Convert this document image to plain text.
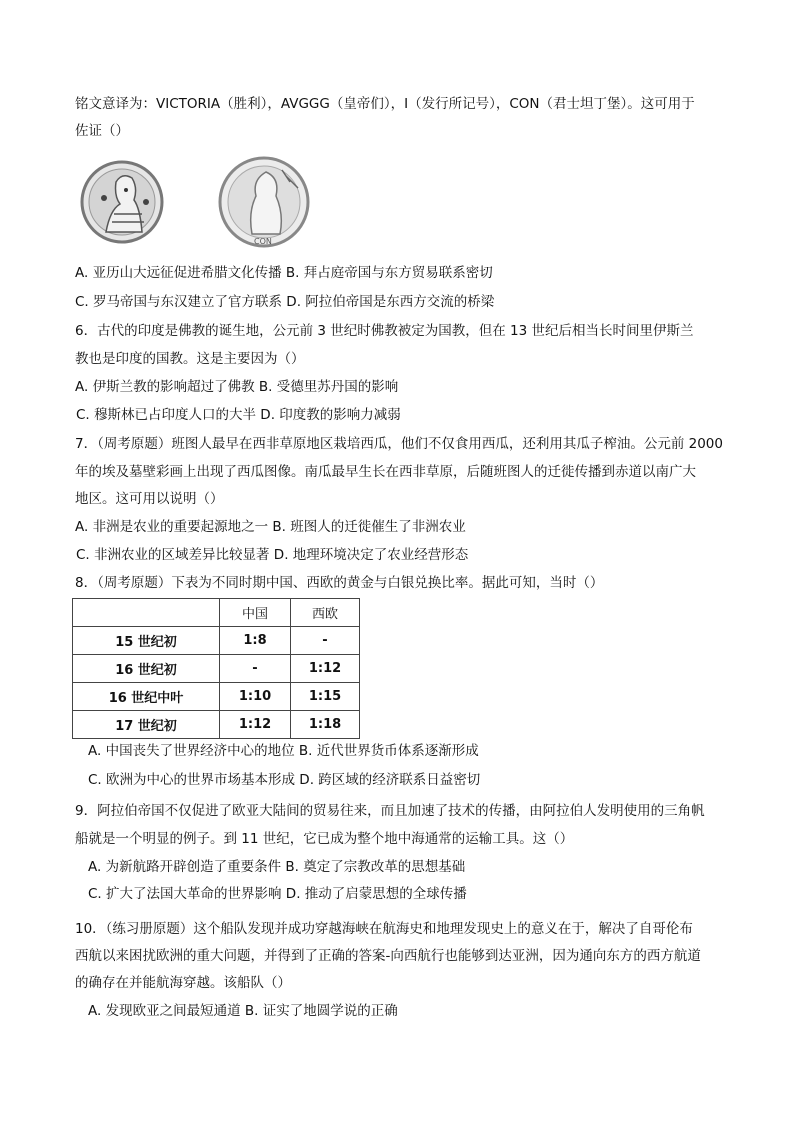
铭文意译为：VICTORIA（胜利），AVGGG（皇帝们），I（发行所记号），CON（君士坦丁堡）。这可用于
佐证（）
CON
A. 亚历山大远征促进希腊文化传播 B. 拜占庭帝国与东方贸易联系密切
C. 罗马帝国与东汉建立了官方联系 D. 阿拉伯帝国是东西方交流的桥梁
6．古代的印度是佛教的诞生地，公元前 3 世纪时佛教被定为国教，但在 13 世纪后相当长时间里伊斯兰
教也是印度的国教。这是主要因为（）
A. 伊斯兰教的影响超过了佛教 B. 受德里苏丹国的影响
C. 穆斯林已占印度人口的大半 D. 印度教的影响力减弱
7．（周考原题）班图人最早在西非草原地区栽培西瓜，他们不仅食用西瓜，还利用其瓜子榨油。公元前 2000
年的埃及墓壁彩画上出现了西瓜图像。南瓜最早生长在西非草原，后随班图人的迁徙传播到赤道以南广大
地区。这可用以说明（）
A. 非洲是农业的重要起源地之一 B. 班图人的迁徙催生了非洲农业
C. 非洲农业的区域差异比较显著 D. 地理环境决定了农业经营形态
8．（周考原题）下表为不同时期中国、西欧的黄金与白银兑换比率。据此可知，当时（）
	中国	西欧
15 世纪初	1:8	-
16 世纪初	-	1:12
16 世纪中叶	1:10	1:15
17 世纪初	1:12	1:18
A. 中国丧失了世界经济中心的地位 B. 近代世界货币体系逐渐形成
C. 欧洲为中心的世界市场基本形成 D. 跨区域的经济联系日益密切
9．阿拉伯帝国不仅促进了欧亚大陆间的贸易往来，而且加速了技术的传播，由阿拉伯人发明使用的三角帆
船就是一个明显的例子。到 11 世纪，它已成为整个地中海通常的运输工具。这（）
A. 为新航路开辟创造了重要条件 B. 奠定了宗教改革的思想基础
C. 扩大了法国大革命的世界影响 D. 推动了启蒙思想的全球传播
10．（练习册原题）这个船队发现并成功穿越海峡在航海史和地理发现史上的意义在于，解决了自哥伦布
西航以来困扰欧洲的重大问题，并得到了正确的答案-向西航行也能够到达亚洲，因为通向东方的西方航道
的确存在并能航海穿越。该船队（）
A. 发现欧亚之间最短通道 B. 证实了地圆学说的正确
